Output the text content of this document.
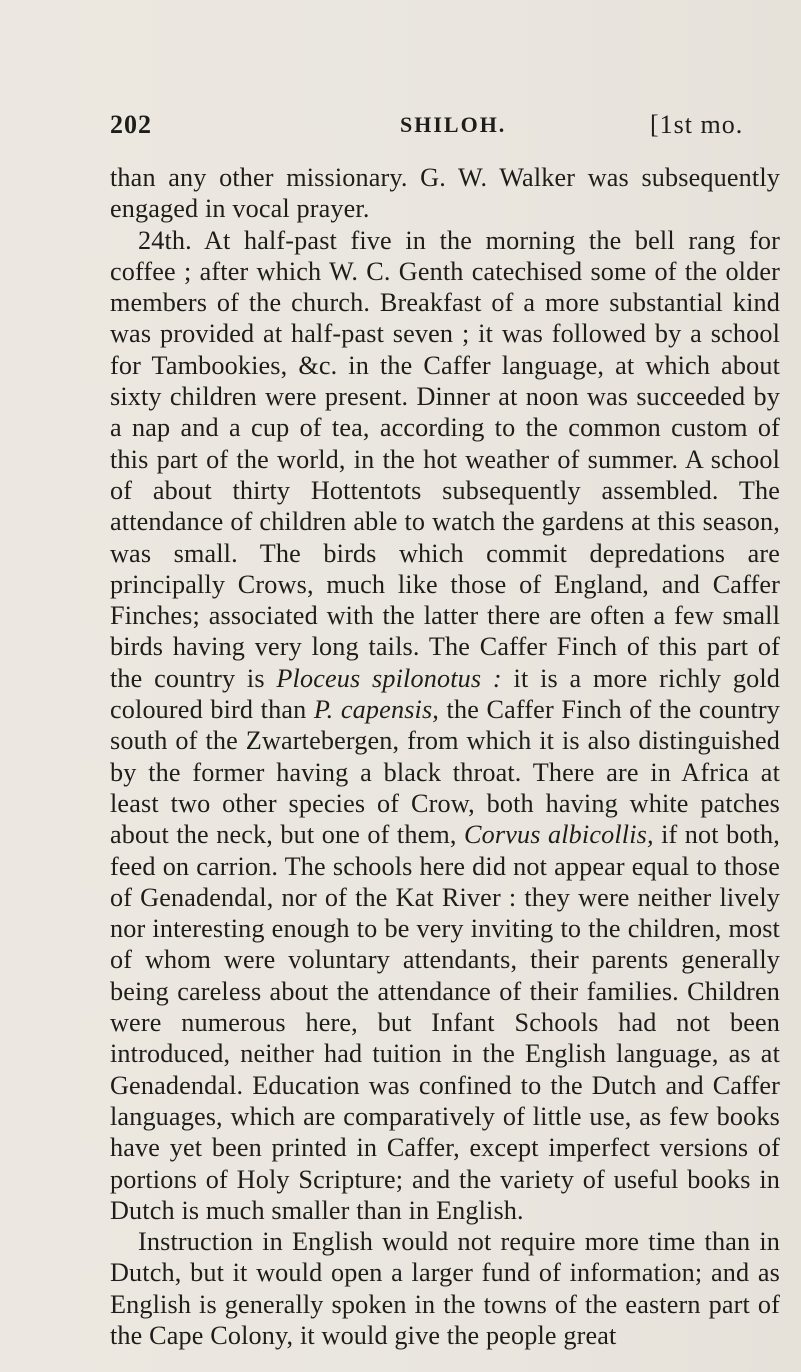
202	SHILOH.	[1st mo.

than any other missionary. G. W. Walker was subsequently engaged in vocal prayer.

24th. At half-past five in the morning the bell rang for coffee ; after which W. C. Genth catechised some of the older members of the church. Breakfast of a more substantial kind was provided at half-past seven ; it was followed by a school for Tambookies, &c. in the Caffer language, at which about sixty children were present. Dinner at noon was succeeded by a nap and a cup of tea, according to the common custom of this part of the world, in the hot weather of summer. A school of about thirty Hottentots subsequently assembled. The attendance of children able to watch the gardens at this season, was small. The birds which commit depredations are principally Crows, much like those of England, and Caffer Finches; associated with the latter there are often a few small birds having very long tails. The Caffer Finch of this part of the country is Ploceus spilonotus : it is a more richly gold coloured bird than P. capensis, the Caffer Finch of the country south of the Zwartebergen, from which it is also distinguished by the former having a black throat. There are in Africa at least two other species of Crow, both having white patches about the neck, but one of them, Corvus albicollis, if not both, feed on carrion. The schools here did not appear equal to those of Genadendal, nor of the Kat River : they were neither lively nor interesting enough to be very inviting to the children, most of whom were voluntary attendants, their parents generally being careless about the attendance of their families. Children were numerous here, but Infant Schools had not been introduced, neither had tuition in the English language, as at Genadendal. Education was confined to the Dutch and Caffer languages, which are comparatively of little use, as few books have yet been printed in Caffer, except imperfect versions of portions of Holy Scripture; and the variety of useful books in Dutch is much smaller than in English.

Instruction in English would not require more time than in Dutch, but it would open a larger fund of information; and as English is generally spoken in the towns of the eastern part of the Cape Colony, it would give the people great
